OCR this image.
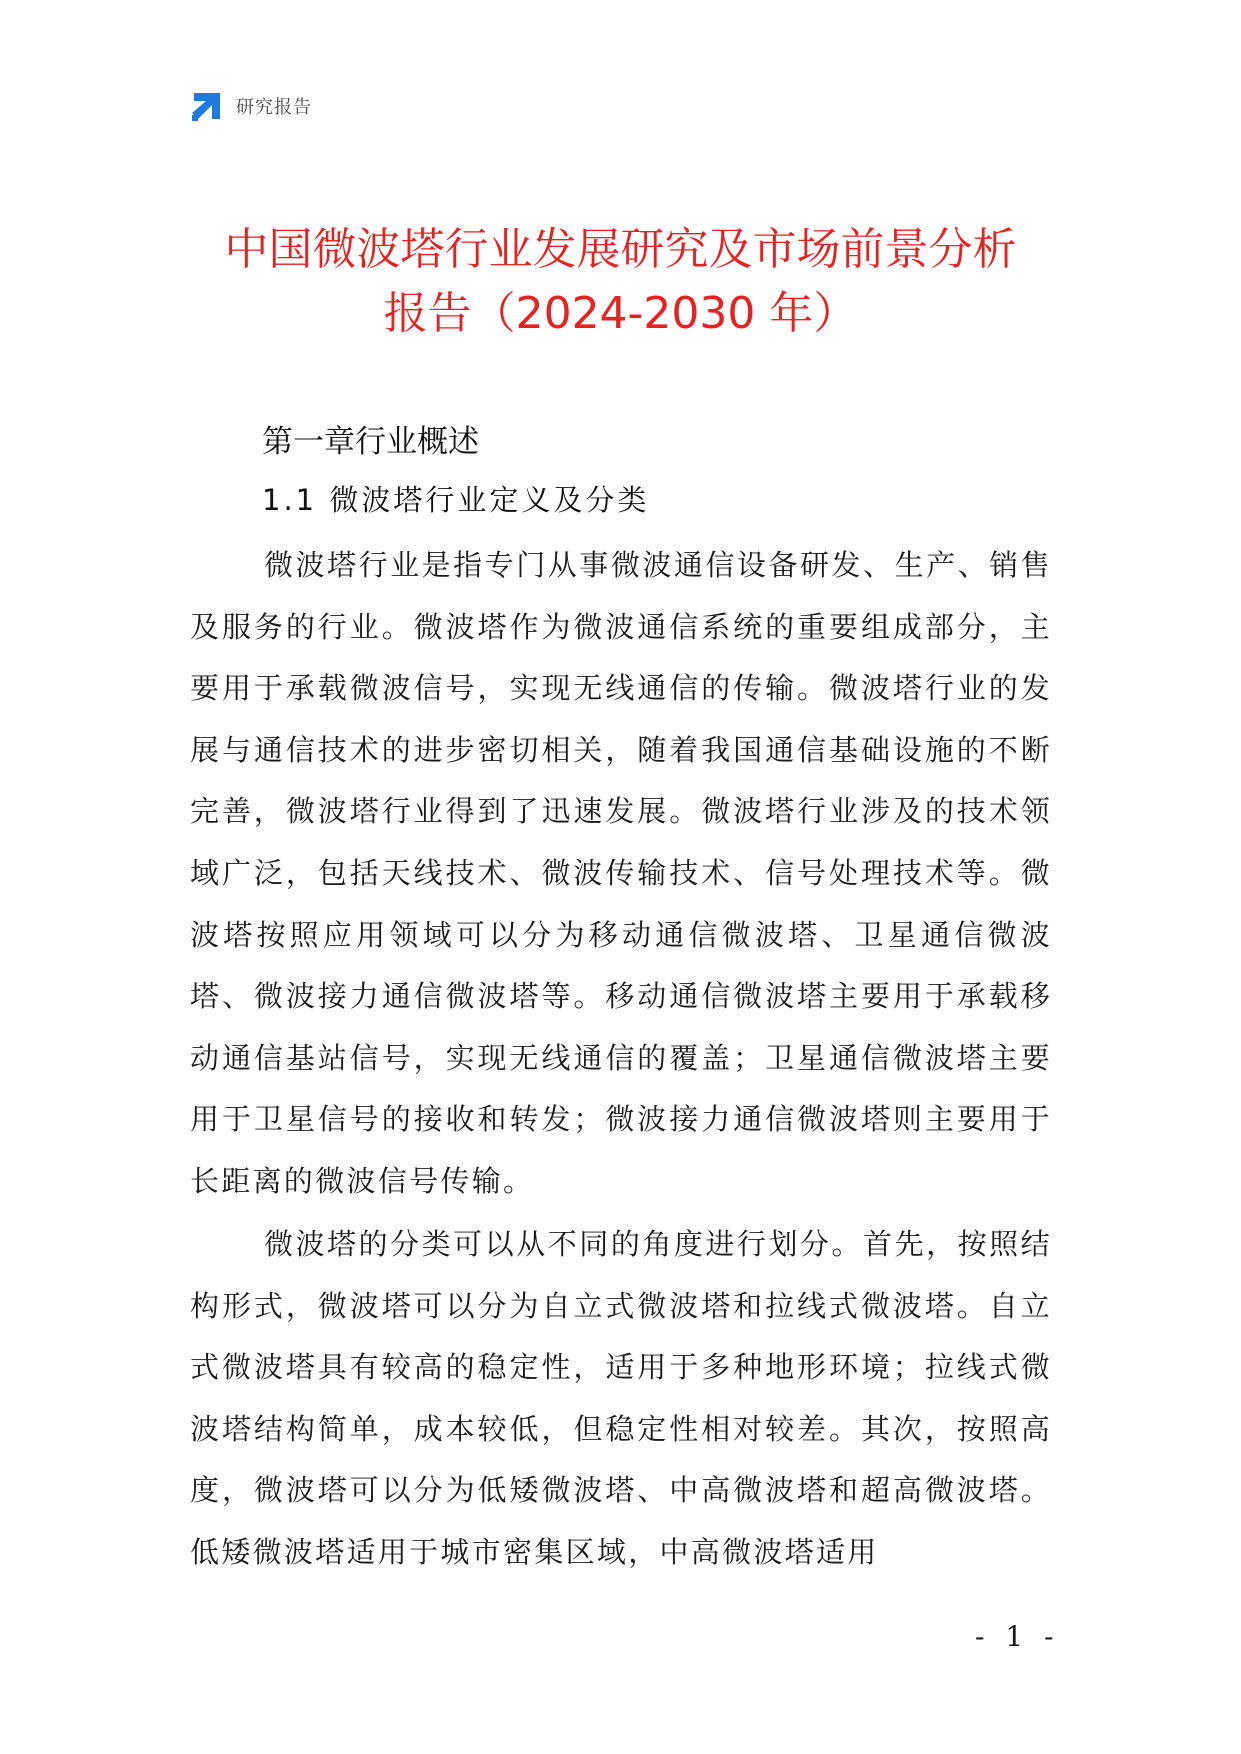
研究报告
中国微波塔行业发展研究及市场前景分析
报告（2024-2030 年）
第一章行业概述
1.1 微波塔行业定义及分类

微波塔行业是指专门从事微波通信设备研发、生产、销售及服务的行业。微波塔作为微波通信系统的重要组成部分，主要用于承载微波信号，实现无线通信的传输。微波塔行业的发展与通信技术的进步密切相关，随着我国通信基础设施的不断完善，微波塔行业得到了迅速发展。微波塔行业涉及的技术领域广泛，包括天线技术、微波传输技术、信号处理技术等。微波塔按照应用领域可以分为移动通信微波塔、卫星通信微波塔、微波接力通信微波塔等。移动通信微波塔主要用于承载移动通信基站信号，实现无线通信的覆盖；卫星通信微波塔主要用于卫星信号的接收和转发；微波接力通信微波塔则主要用于长距离的微波信号传输。

微波塔的分类可以从不同的角度进行划分。首先，按照结构形式，微波塔可以分为自立式微波塔和拉线式微波塔。自立式微波塔具有较高的稳定性，适用于多种地形环境；拉线式微波塔结构简单，成本较低，但稳定性相对较差。其次，按照高度，微波塔可以分为低矮微波塔、中高微波塔和超高微波塔。低矮微波塔适用于城市密集区域，中高微波塔适用

- 1 -
